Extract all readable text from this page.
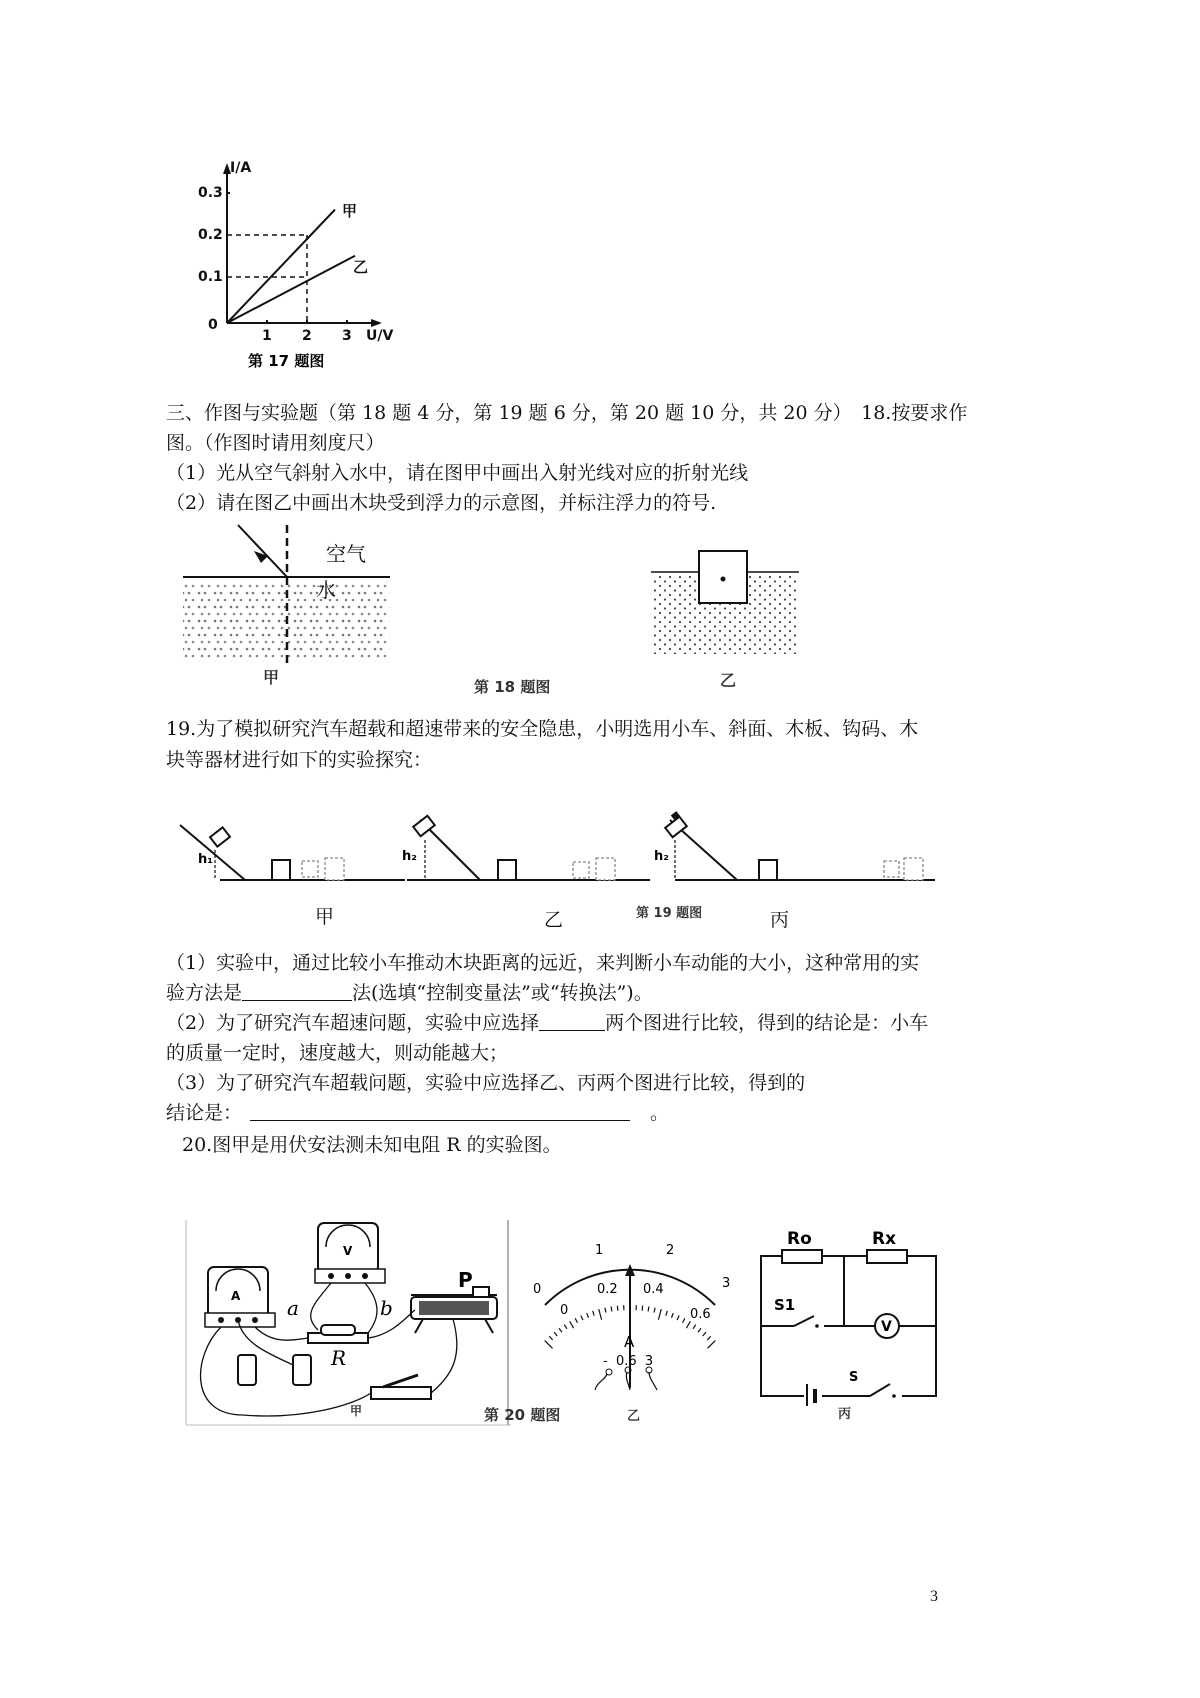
I/A
U/V
0
1 2 3
0.1
0.2
0.3
甲
乙
第 17 题图
三、作图与实验题（第 18 题 4 分，第 19 题 6 分，第 20 题 10 分，共 20 分）　18.按要求作
图。（作图时请用刻度尺）
（1）光从空气斜射入水中，请在图甲中画出入射光线对应的折射光线
（2）请在图乙中画出木块受到浮力的示意图，并标注浮力的符号.
空气
水
甲	第 18 题图	乙
19.为了模拟研究汽车超载和超速带来的安全隐患，小明选用小车、斜面、木板、钩码、木
块等器材进行如下的实验探究：
h₁	h₂	h₂
甲	乙	第 19 题图	丙
（1）实验中，通过比较小车推动木块距离的远近，来判断小车动能的大小，这种常用的实
验方法是	法(选填“控制变量法”或“转换法”)。
（2）为了研究汽车超速问题，实验中应选择	两个图进行比较，得到的结论是：小车
的质量一定时，速度越大，则动能越大；
（3）为了研究汽车超载问题，实验中应选择乙、丙两个图进行比较，得到的
结论是：	。
20.图甲是用伏安法测未知电阻 R 的实验图。
a	b
R
P
A
V
甲	第 20 题图
1	2
3
0
0
0.2 0.4
0.6
A
-  0.6  3
乙
Ro	Rx
S1
S
V
丙
3
